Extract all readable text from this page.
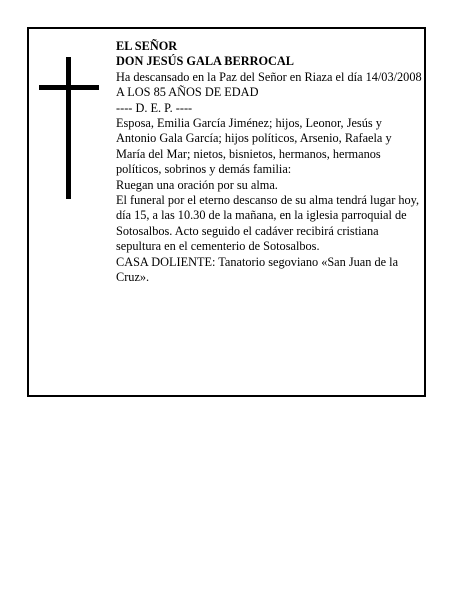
EL SEÑOR

DON JESÚS GALA BERROCAL

Ha descansado en la Paz del Señor en Riaza el día 14/03/2008

A LOS 85 AÑOS DE EDAD

---- D. E. P. ----

Esposa, Emilia García Jiménez; hijos, Leonor, Jesús y Antonio Gala García; hijos políticos, Arsenio, Rafaela y María del Mar; nietos, bisnietos, hermanos, hermanos políticos, sobrinos y demás familia:

Ruegan una oración por su alma.

El funeral por el eterno descanso de su alma tendrá lugar hoy, día 15, a las 10.30 de la mañana, en la iglesia parroquial de Sotosalbos. Acto seguido el cadáver recibirá cristiana sepultura en el cementerio de Sotosalbos.

CASA DOLIENTE: Tanatorio segoviano «San Juan de la Cruz».
